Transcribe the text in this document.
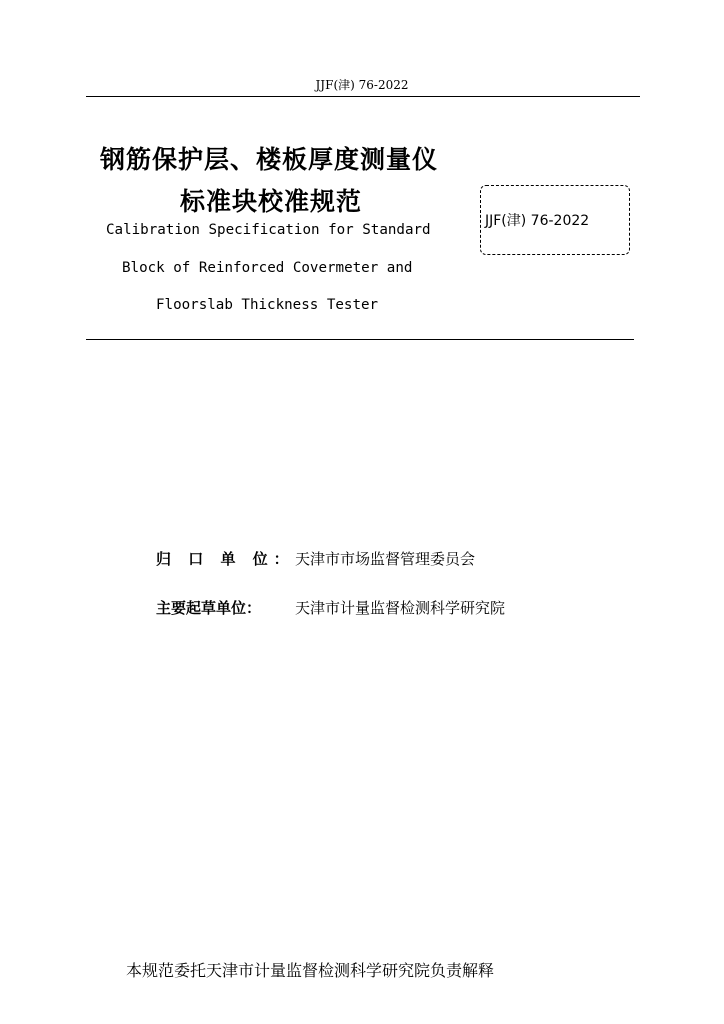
JJF(津) 76-2022
钢筋保护层、楼板厚度测量仪
标准块校准规范
Calibration Specification for Standard
Block of Reinforced Covermeter and
Floorslab Thickness Tester
JJF(津) 76-2022
归 口 单 位： 天津市市场监督管理委员会
主要起草单位： 天津市计量监督检测科学研究院
本规范委托天津市计量监督检测科学研究院负责解释
